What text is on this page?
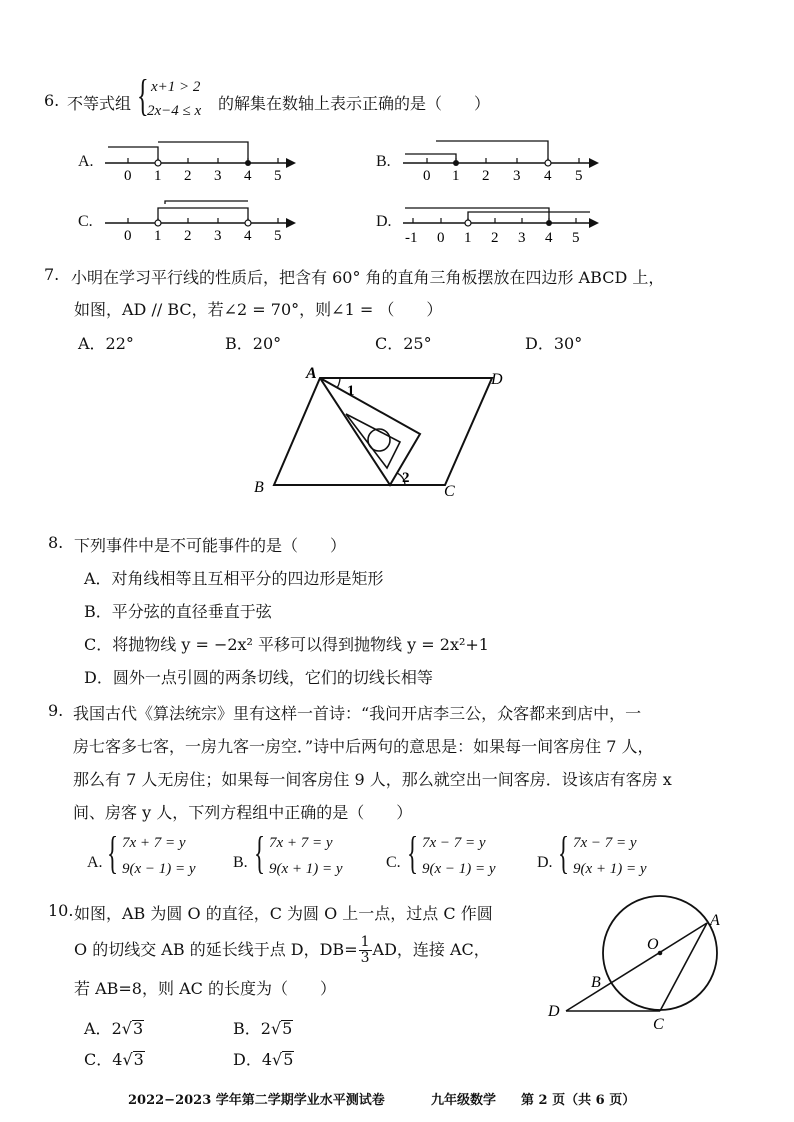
6. 不等式组 { x+1 > 2
2x−4 ≤ x 的解集在数轴上表示正确的是（　　）
A.	B.
C.	D.
0 1 2 3 4 5	0 1 2 3 4 5
0 1 2 3 4 5	-1 0 1 2 3 4 5
7. 小明在学习平行线的性质后，把含有 60° 角的直角三角板摆放在四边形 ABCD 上，
如图，AD // BC，若∠2 = 70°，则∠1 = （　　）
A．22°	B．20°	C．25°	D．30°
A	D
B	C
1
2
8. 下列事件中是不可能事件的是（　　）
A．对角线相等且互相平分的四边形是矩形
B．平分弦的直径垂直于弦
C．将抛物线 y = −2x² 平移可以得到抛物线 y = 2x²+1
D．圆外一点引圆的两条切线，它们的切线长相等
9. 我国古代《算法统宗》里有这样一首诗：“我问开店李三公，众客都来到店中，一
房七客多七客，一房九客一房空．”诗中后两句的意思是：如果每一间客房住 7 人，
那么有 7 人无房住；如果每一间客房住 9 人，那么就空出一间客房．设该店有客房 x
间、房客 y 人，下列方程组中正确的是（　　）
A. { 7x + 7 = y
9(x − 1) = y B. { 7x + 7 = y
9(x + 1) = y	C. { 7x − 7 = y
9(x − 1) = y	D. { 7x − 7 = y
9(x + 1) = y
10. 如图，AB 为圆 O 的直径，C 为圆 O 上一点，过点 C 作圆
O 的切线交 AB 的延长线于点 D，$DB= \frac{1}{3}$ AD，连接 AC，
若 AB=8，则 AC 的长度为（　　）
A．2√3	B．2√5
C．4√3	D．4√5
O
A
B
D
C
2022−2023 学年第二学期学业水平测试卷	九年级数学 第 2 页（共 6 页）
